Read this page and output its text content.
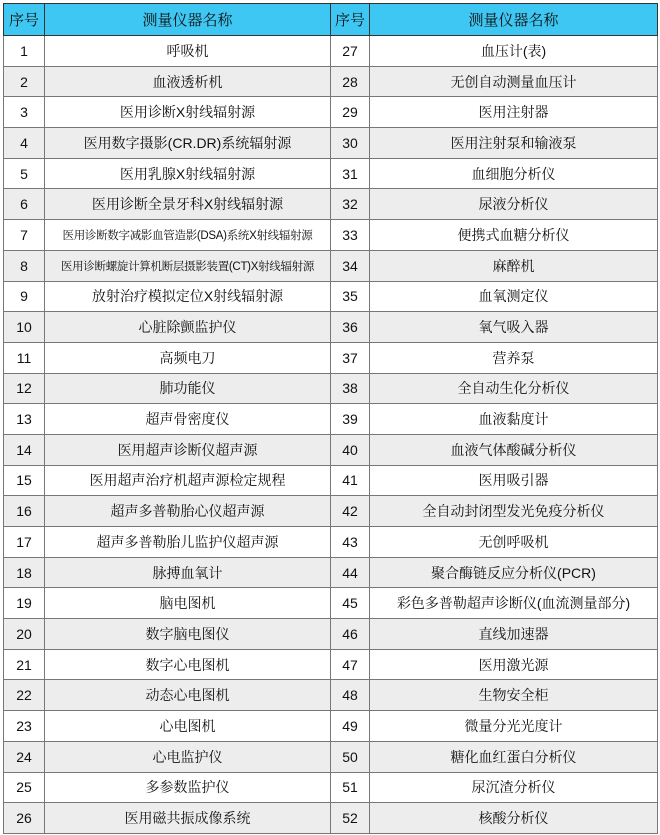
序号	测量仪器名称	序号	测量仪器名称
1	呼吸机	27	血压计(表)
2	血液透析机	28	无创自动测量血压计
3	医用诊断X射线辐射源	29	医用注射器
4	医用数字摄影(CR.DR)系统辐射源	30	医用注射泵和输液泵
5	医用乳腺X射线辐射源	31	血细胞分析仪
6	医用诊断全景牙科X射线辐射源	32	尿液分析仪
7	医用诊断数字减影血管造影(DSA)系统X射线辐射源	33	便携式血糖分析仪
8	医用诊断螺旋计算机断层摄影装置(CT)X射线辐射源	34	麻醉机
9	放射治疗模拟定位X射线辐射源	35	血氧测定仪
10	心脏除颤监护仪	36	氧气吸入器
11	高频电刀	37	营养泵
12	肺功能仪	38	全自动生化分析仪
13	超声骨密度仪	39	血液黏度计
14	医用超声诊断仪超声源	40	血液气体酸碱分析仪
15	医用超声治疗机超声源检定规程	41	医用吸引器
16	超声多普勒胎心仪超声源	42	全自动封闭型发光免疫分析仪
17	超声多普勒胎儿监护仪超声源	43	无创呼吸机
18	脉搏血氧计	44	聚合酶链反应分析仪(PCR)
19	脑电图机	45	彩色多普勒超声诊断仪(血流测量部分)
20	数字脑电图仪	46	直线加速器
21	数字心电图机	47	医用激光源
22	动态心电图机	48	生物安全柜
23	心电图机	49	微量分光光度计
24	心电监护仪	50	糖化血红蛋白分析仪
25	多参数监护仪	51	尿沉渣分析仪
26	医用磁共振成像系统	52	核酸分析仪
